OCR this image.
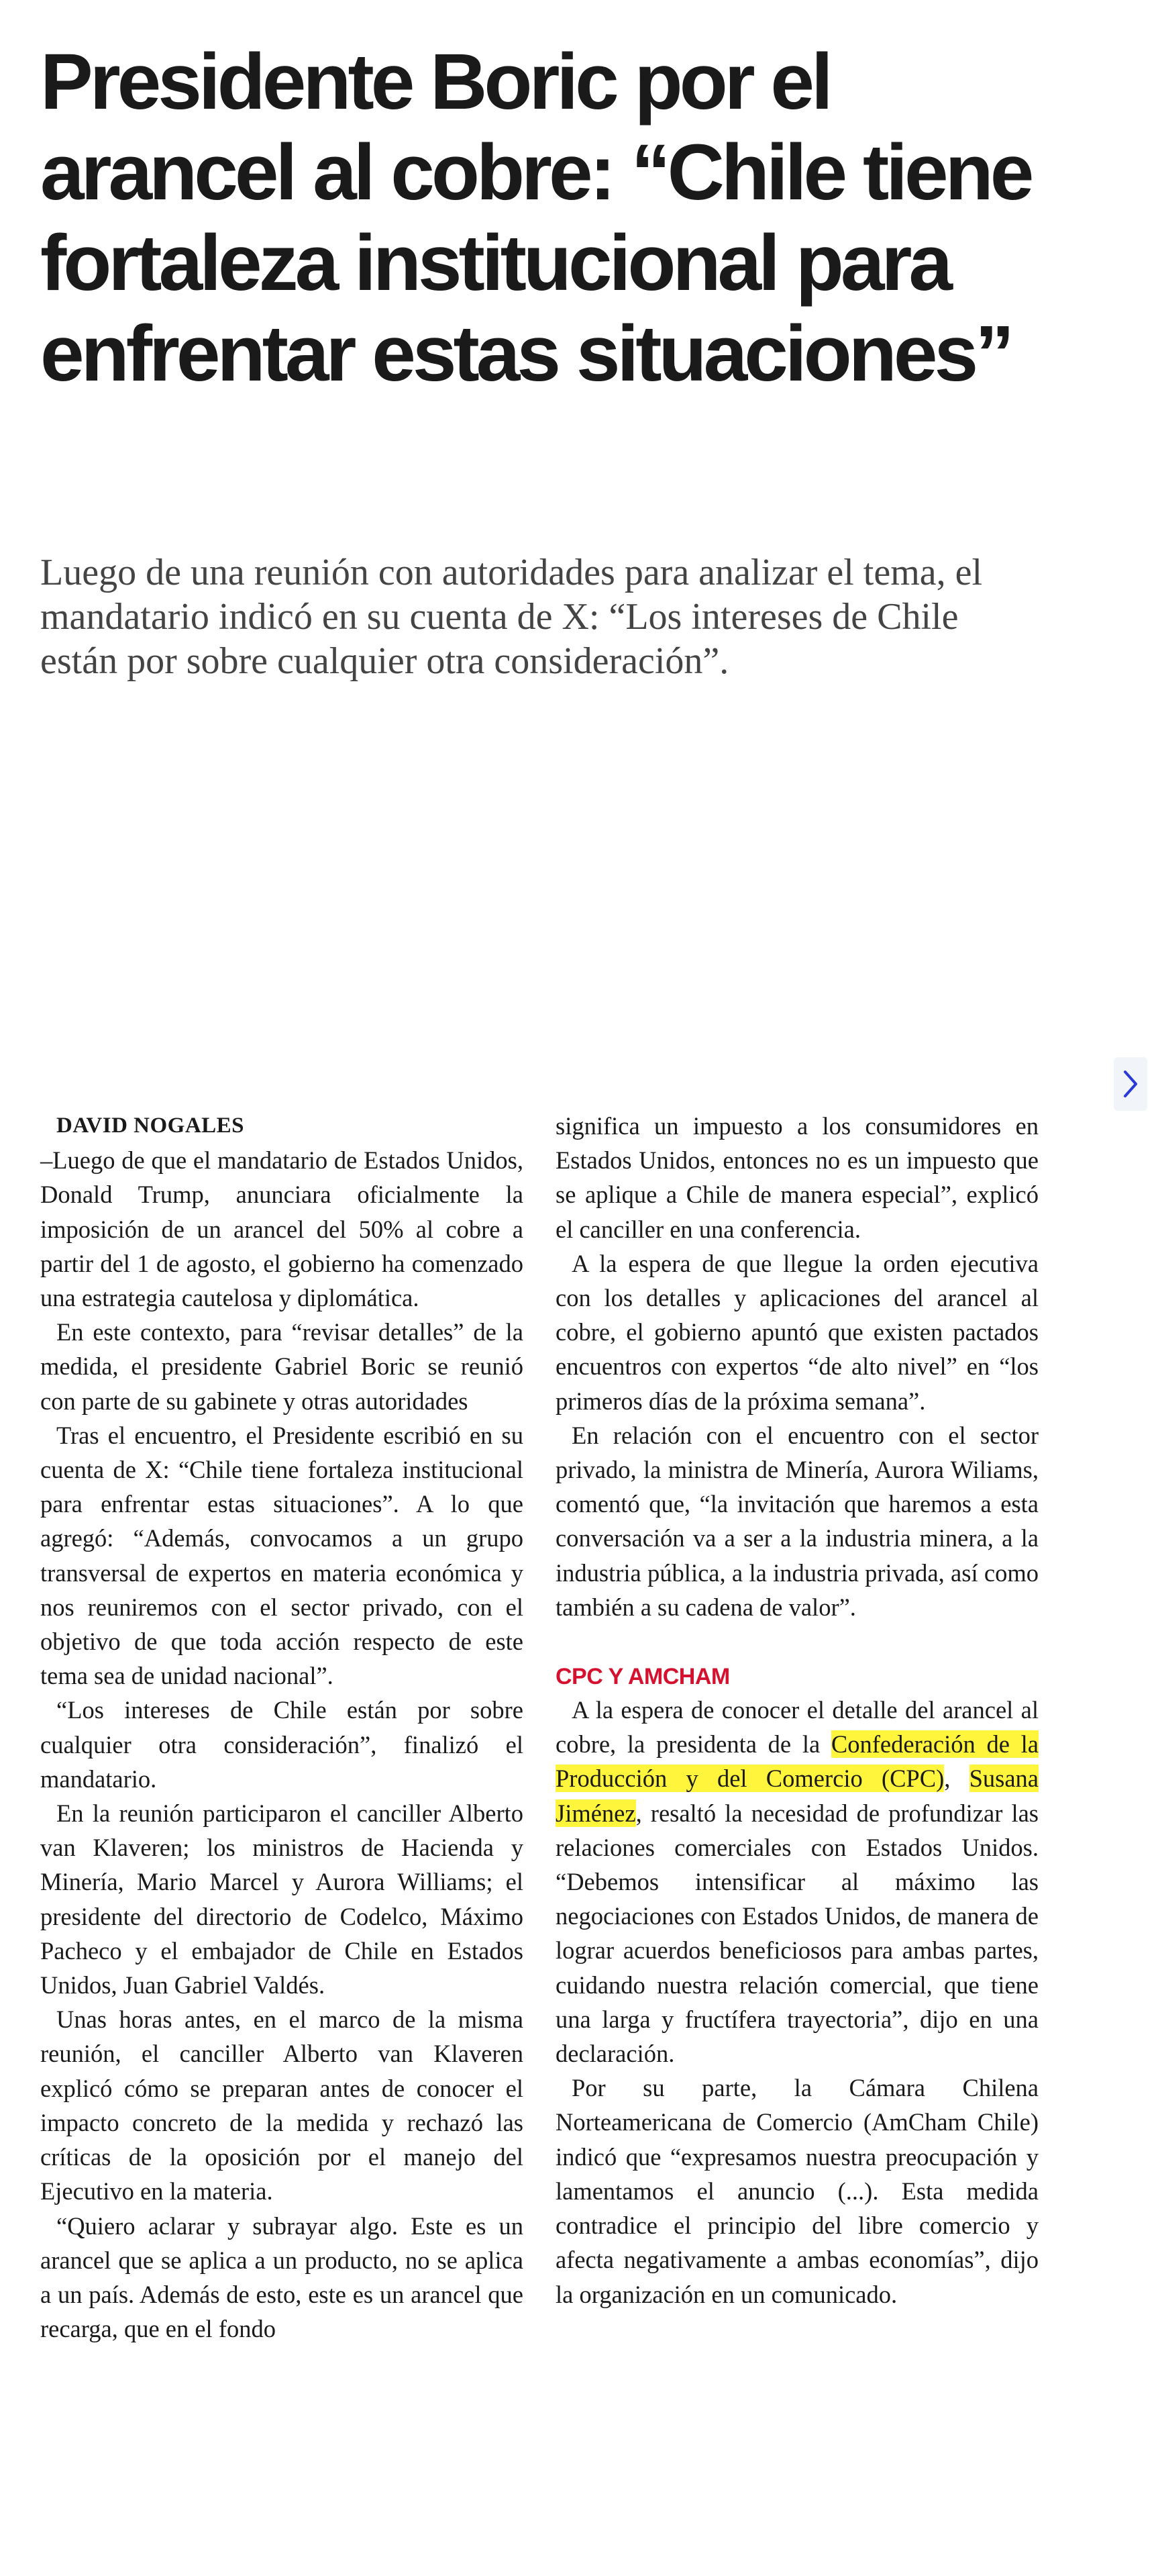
Presidente Boric por el arancel al cobre: “Chile tiene fortaleza institucional para enfrentar estas situaciones”

Luego de una reunión con autoridades para analizar el tema, el mandatario indicó en su cuenta de X: “Los intereses de Chile están por sobre cualquier otra consideración”.

DAVID NOGALES

–Luego de que el mandatario de Estados Unidos, Donald Trump, anunciara oficialmente la imposición de un arancel del 50% al cobre a partir del 1 de agosto, el gobierno ha comenzado una estrategia cautelosa y diplomática.

En este contexto, para “revisar detalles” de la medida, el presidente Gabriel Boric se reunió con parte de su gabinete y otras autoridades

Tras el encuentro, el Presidente escribió en su cuenta de X: “Chile tiene fortaleza institucional para enfrentar estas situaciones”. A lo que agregó: “Además, convocamos a un grupo transversal de expertos en materia económica y nos reuniremos con el sector privado, con el objetivo de que toda acción respecto de este tema sea de unidad nacional”.

“Los intereses de Chile están por sobre cualquier otra consideración”, finalizó el mandatario.

En la reunión participaron el canciller Alberto van Klaveren; los ministros de Hacienda y Minería, Mario Marcel y Aurora Williams; el presidente del directorio de Codelco, Máximo Pacheco y el embajador de Chile en Estados Unidos, Juan Gabriel Valdés.

Unas horas antes, en el marco de la misma reunión, el canciller Alberto van Klaveren explicó cómo se preparan antes de conocer el impacto concreto de la medida y rechazó las críticas de la oposición por el manejo del Ejecutivo en la materia.

“Quiero aclarar y subrayar algo. Este es un arancel que se aplica a un producto, no se aplica a un país. Además de esto, este es un arancel que recarga, que en el fondo

significa un impuesto a los consumidores en Estados Unidos, entonces no es un impuesto que se aplique a Chile de manera especial”, explicó el canciller en una conferencia.

A la espera de que llegue la orden ejecutiva con los detalles y aplicaciones del arancel al cobre, el gobierno apuntó que existen pactados encuentros con expertos “de alto nivel” en “los primeros días de la próxima semana”.

En relación con el encuentro con el sector privado, la ministra de Minería, Aurora Wiliams, comentó que, “la invitación que haremos a esta conversación va a ser a la industria minera, a la industria pública, a la industria privada, así como también a su cadena de valor”.

CPC Y AMCHAM

A la espera de conocer el detalle del arancel al cobre, la presidenta de la Confederación de la Producción y del Comercio (CPC), Susana Jiménez, resaltó la necesidad de profundizar las relaciones comerciales con Estados Unidos. “Debemos intensificar al máximo las negociaciones con Estados Unidos, de manera de lograr acuerdos beneficiosos para ambas partes, cuidando nuestra relación comercial, que tiene una larga y fructífera trayectoria”, dijo en una declaración.

Por su parte, la Cámara Chilena Norteamericana de Comercio (AmCham Chile) indicó que “expresamos nuestra preocupación y lamentamos el anuncio (...). Esta medida contradice el principio del libre comercio y afecta negativamente a ambas economías”, dijo la organización en un comunicado.
